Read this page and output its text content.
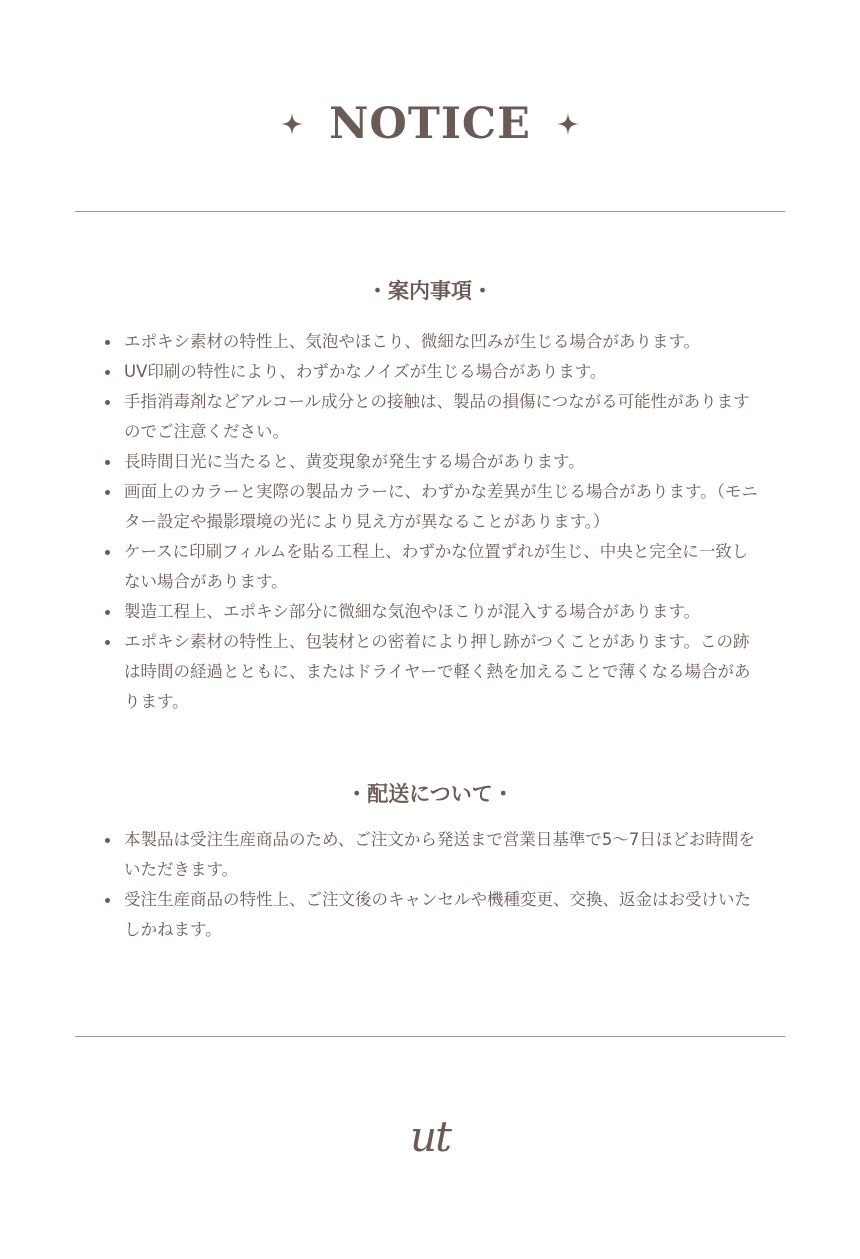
NOTICE
・案内事項・
エポキシ素材の特性上、気泡やほこり、微細な凹みが生じる場合があります。
UV印刷の特性により、わずかなノイズが生じる場合があります。
手指消毒剤などアルコール成分との接触は、製品の損傷につながる可能性がありますのでご注意ください。
長時間日光に当たると、黄変現象が発生する場合があります。
画面上のカラーと実際の製品カラーに、わずかな差異が生じる場合があります。（モニター設定や撮影環境の光により見え方が異なることがあります。）
ケースに印刷フィルムを貼る工程上、わずかな位置ずれが生じ、中央と完全に一致しない場合があります。
製造工程上、エポキシ部分に微細な気泡やほこりが混入する場合があります。
エポキシ素材の特性上、包装材との密着により押し跡がつくことがあります。この跡は時間の経過とともに、またはドライヤーで軽く熱を加えることで薄くなる場合があります。
・配送について・
本製品は受注生産商品のため、ご注文から発送まで営業日基準で5〜7日ほどお時間をいただきます。
受注生産商品の特性上、ご注文後のキャンセルや機種変更、交換、返金はお受けいたしかねます。
ut
